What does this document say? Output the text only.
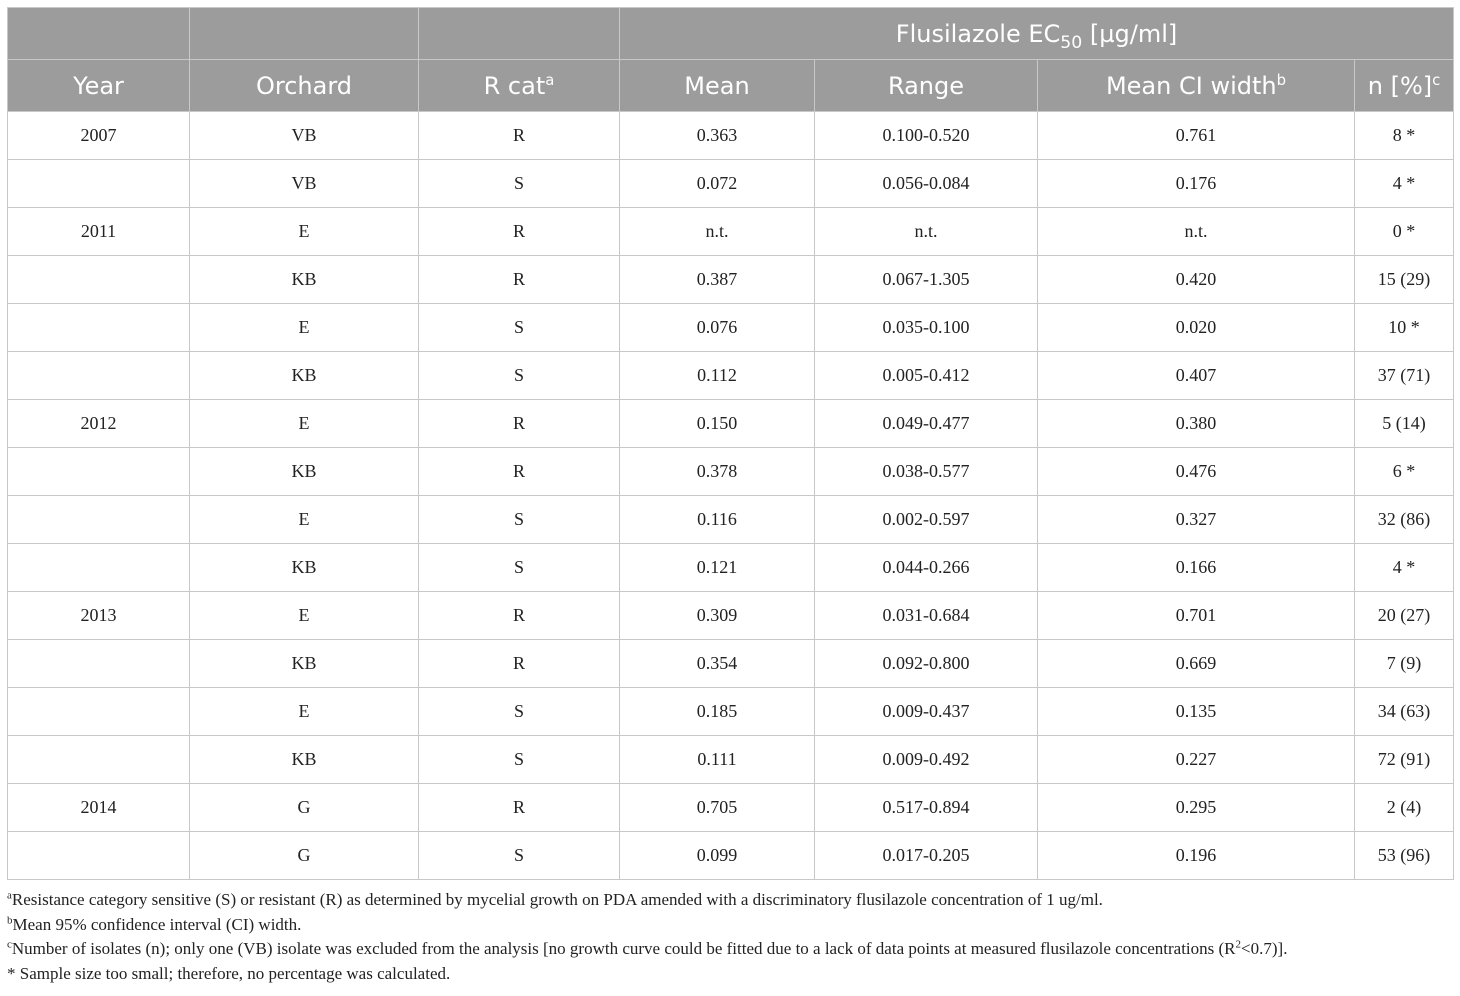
			Flusilazole $EC_{50}$ [µg/ml]			
Year	Orchard	R cat$^a$	Mean	Range	Mean CI width$^b$	n [%]$^c$
2007	VB	R	0.363	0.100-0.520	0.761	8 *
	VB	S	0.072	0.056-0.084	0.176	4 *
2011	E	R	n.t.	n.t.	n.t.	0 *
	KB	R	0.387	0.067-1.305	0.420	15 (29)
	E	S	0.076	0.035-0.100	0.020	10 *
	KB	S	0.112	0.005-0.412	0.407	37 (71)
2012	E	R	0.150	0.049-0.477	0.380	5 (14)
	KB	R	0.378	0.038-0.577	0.476	6 *
	E	S	0.116	0.002-0.597	0.327	32 (86)
	KB	S	0.121	0.044-0.266	0.166	4 *
2013	E	R	0.309	0.031-0.684	0.701	20 (27)
	KB	R	0.354	0.092-0.800	0.669	7 (9)
	E	S	0.185	0.009-0.437	0.135	34 (63)
	KB	S	0.111	0.009-0.492	0.227	72 (91)
2014	G	R	0.705	0.517-0.894	0.295	2 (4)
	G	S	0.099	0.017-0.205	0.196	53 (96)
$^a$Resistance category sensitive (S) or resistant (R) as determined by mycelial growth on PDA amended with a discriminatory flusilazole concentration of 1 ug/ml.
$^b$Mean 95% confidence interval (CI) width.
$^c$Number of isolates (n); only one (VB) isolate was excluded from the analysis [no growth curve could be fitted due to a lack of data points at measured flusilazole concentrations $(R^2<0.7)$].
* Sample size too small; therefore, no percentage was calculated.
